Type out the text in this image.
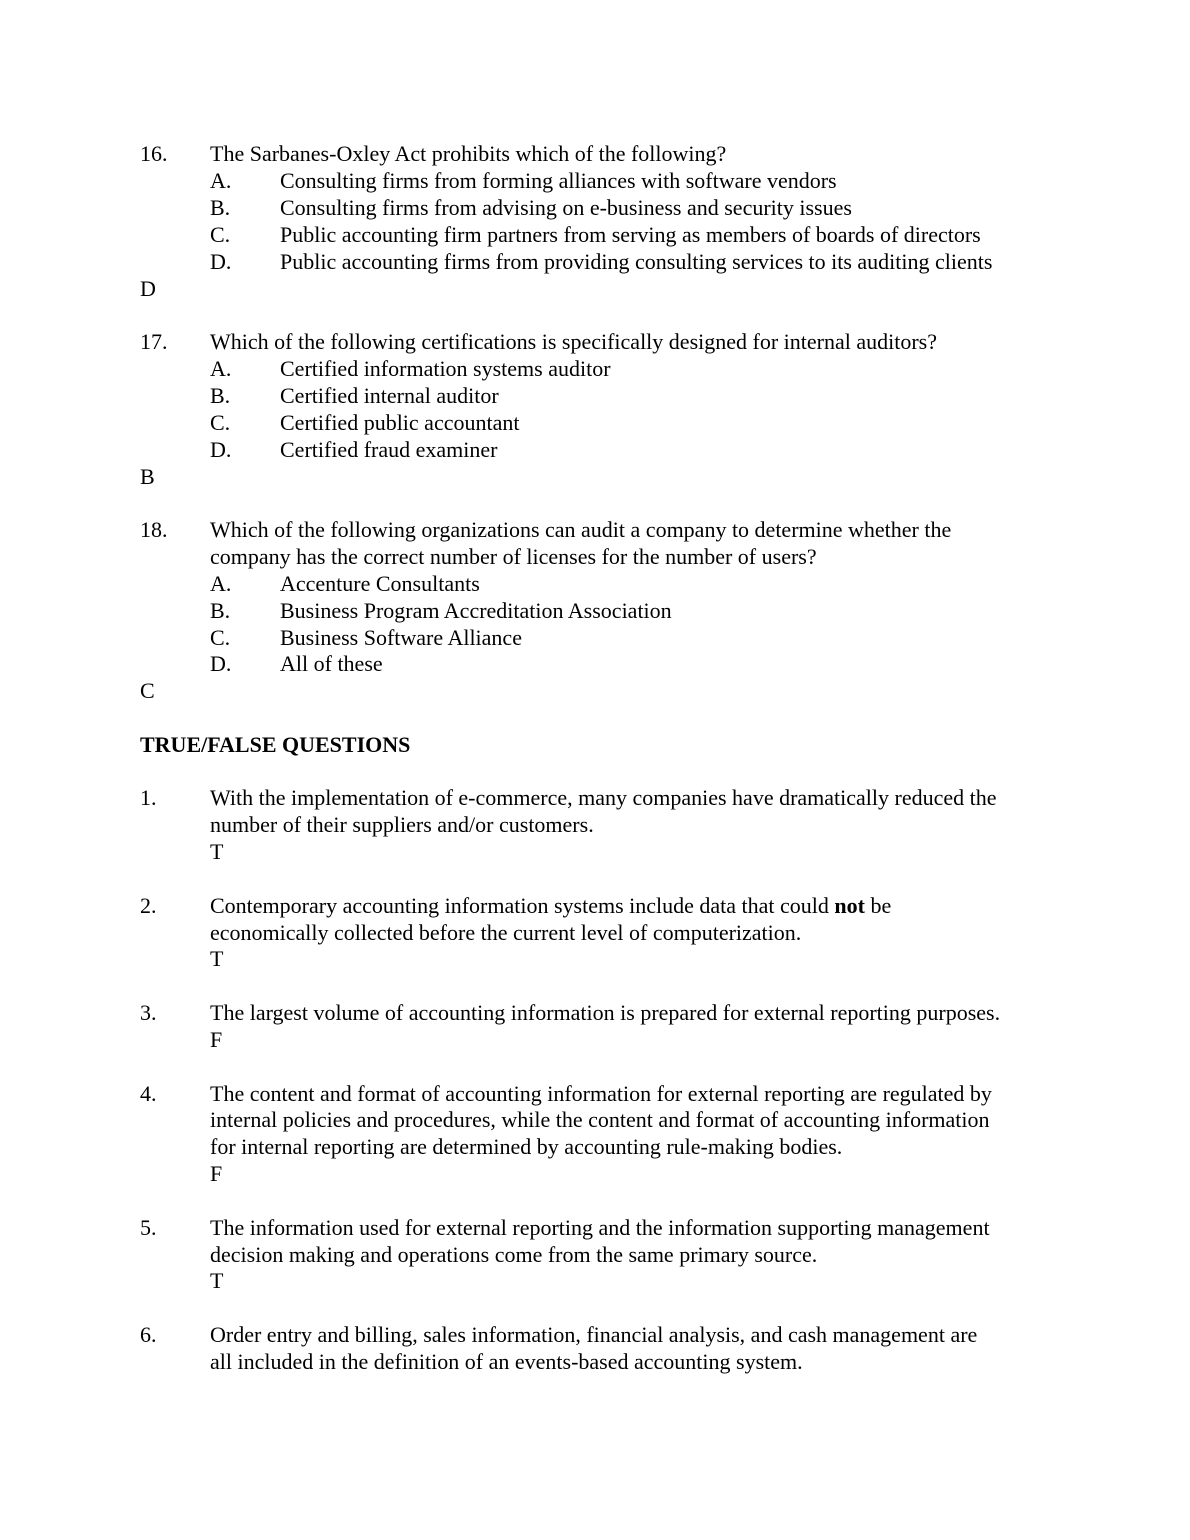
16. The Sarbanes-Oxley Act prohibits which of the following?
A. Consulting firms from forming alliances with software vendors
B. Consulting firms from advising on e-business and security issues
C. Public accounting firm partners from serving as members of boards of directors
D. Public accounting firms from providing consulting services to its auditing clients
D
17. Which of the following certifications is specifically designed for internal auditors?
A. Certified information systems auditor
B. Certified internal auditor
C. Certified public accountant
D. Certified fraud examiner
B
18. Which of the following organizations can audit a company to determine whether the
company has the correct number of licenses for the number of users?
A. Accenture Consultants
B. Business Program Accreditation Association
C. Business Software Alliance
D. All of these
C
TRUE/FALSE QUESTIONS
1. With the implementation of e-commerce, many companies have dramatically reduced the
number of their suppliers and/or customers.
T
2. Contemporary accounting information systems include data that could not be
economically collected before the current level of computerization.
T
3. The largest volume of accounting information is prepared for external reporting purposes.
F
4. The content and format of accounting information for external reporting are regulated by
internal policies and procedures, while the content and format of accounting information
for internal reporting are determined by accounting rule-making bodies.
F
5. The information used for external reporting and the information supporting management
decision making and operations come from the same primary source.
T
6. Order entry and billing, sales information, financial analysis, and cash management are
all included in the definition of an events-based accounting system.
